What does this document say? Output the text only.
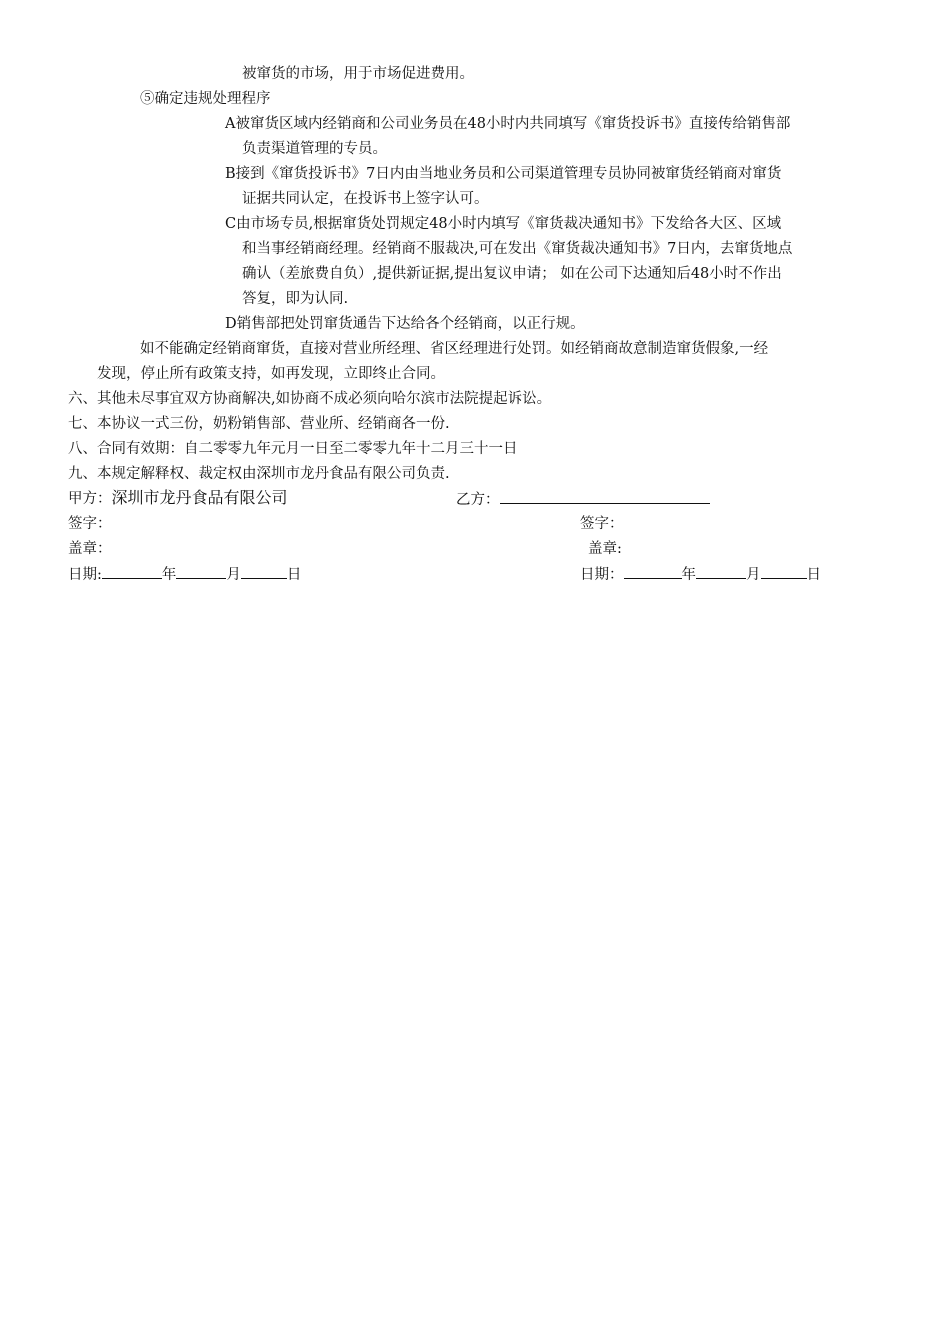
被窜货的市场，用于市场促进费用。
⑤确定违规处理程序
A被窜货区域内经销商和公司业务员在48小时内共同填写《窜货投诉书》直接传给销售部
负责渠道管理的专员。
B接到《窜货投诉书》7日内由当地业务员和公司渠道管理专员协同被窜货经销商对窜货
证据共同认定，在投诉书上签字认可。
C由市场专员,根据窜货处罚规定48小时内填写《窜货裁决通知书》下发给各大区、区域
和当事经销商经理。经销商不服裁决,可在发出《窜货裁决通知书》7日内，去窜货地点
确认（差旅费自负）,提供新证据,提出复议申请； 如在公司下达通知后48小时不作出
答复，即为认同.
D销售部把处罚窜货通告下达给各个经销商，以正行规。
如不能确定经销商窜货，直接对营业所经理、省区经理进行处罚。如经销商故意制造窜货假象,一经
发现，停止所有政策支持，如再发现，立即终止合同。
六、其他未尽事宜双方协商解决,如协商不成必须向哈尔滨市法院提起诉讼。
七、本协议一式三份，奶粉销售部、营业所、经销商各一份.
八、合同有效期：自二零零九年元月一日至二零零九年十二月三十一日
九、本规定解释权、裁定权由深圳市龙丹食品有限公司负责.
甲方：深圳市龙丹食品有限公司	乙方：
签字：	签字：
盖章：	盖章:
日期:	年	月	日	日期：	年	月	日
